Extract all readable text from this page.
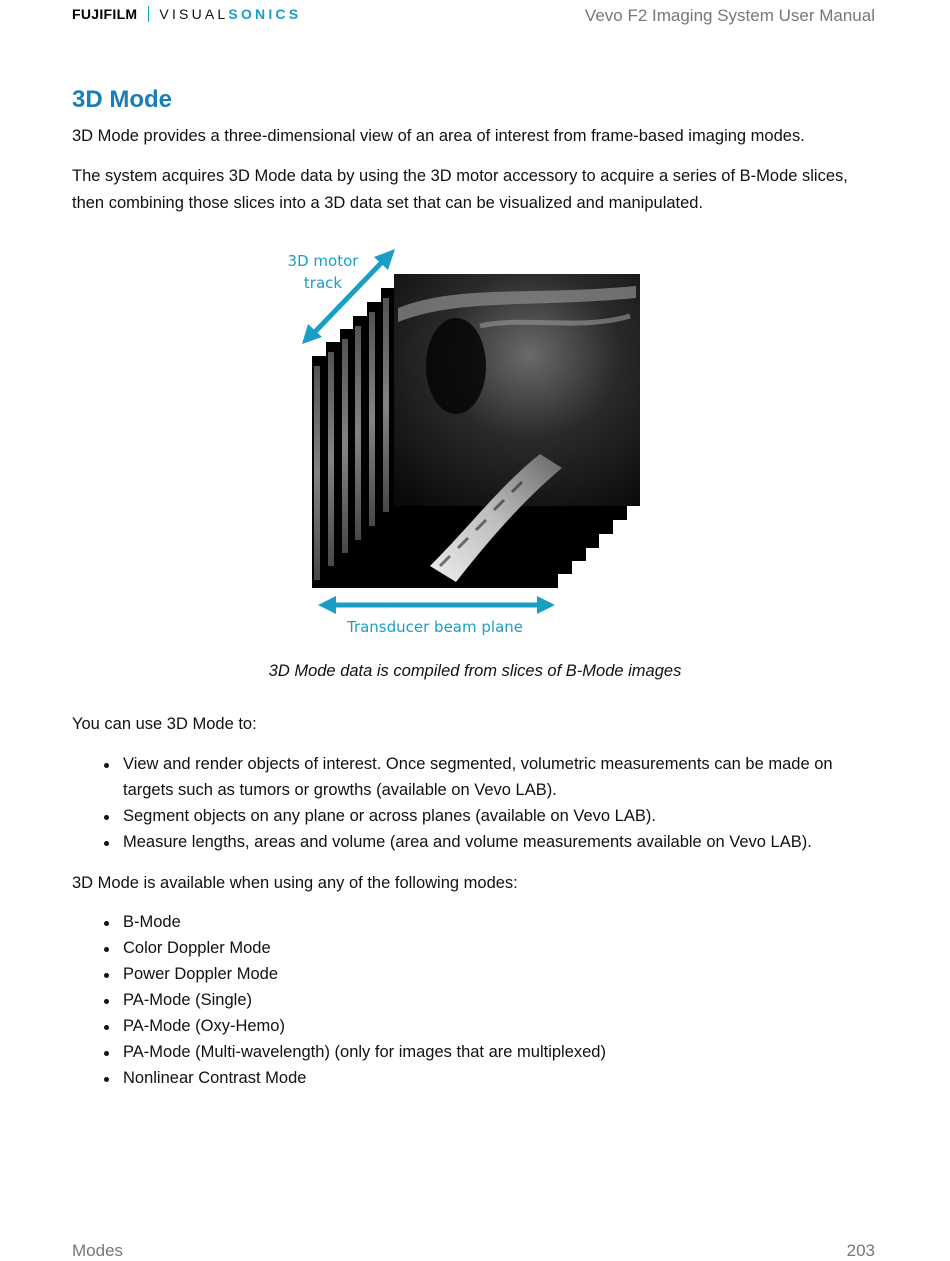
FUJIFILM VISUAL SONICS	Vevo F2 Imaging System User Manual
3D Mode

3D Mode provides a three-dimensional view of an area of interest from frame-based imaging modes.

The system acquires 3D Mode data by using the 3D motor accessory to acquire a series of B-Mode slices, then combining those slices into a 3D data set that can be visualized and manipulated.

3D motor
track
Transducer beam plane
3D Mode data is compiled from slices of B-Mode images

You can use 3D Mode to:

View and render objects of interest. Once segmented, volumetric measurements can be made on targets such as tumors or growths (available on Vevo LAB).
Segment objects on any plane or across planes (available on Vevo LAB).
Measure lengths, areas and volume (area and volume measurements available on Vevo LAB).

3D Mode is available when using any of the following modes:

B-Mode
Color Doppler Mode
Power Doppler Mode
PA-Mode (Single)
PA-Mode (Oxy-Hemo)
PA-Mode (Multi-wavelength) (only for images that are multiplexed)
Nonlinear Contrast Mode
Modes	203
